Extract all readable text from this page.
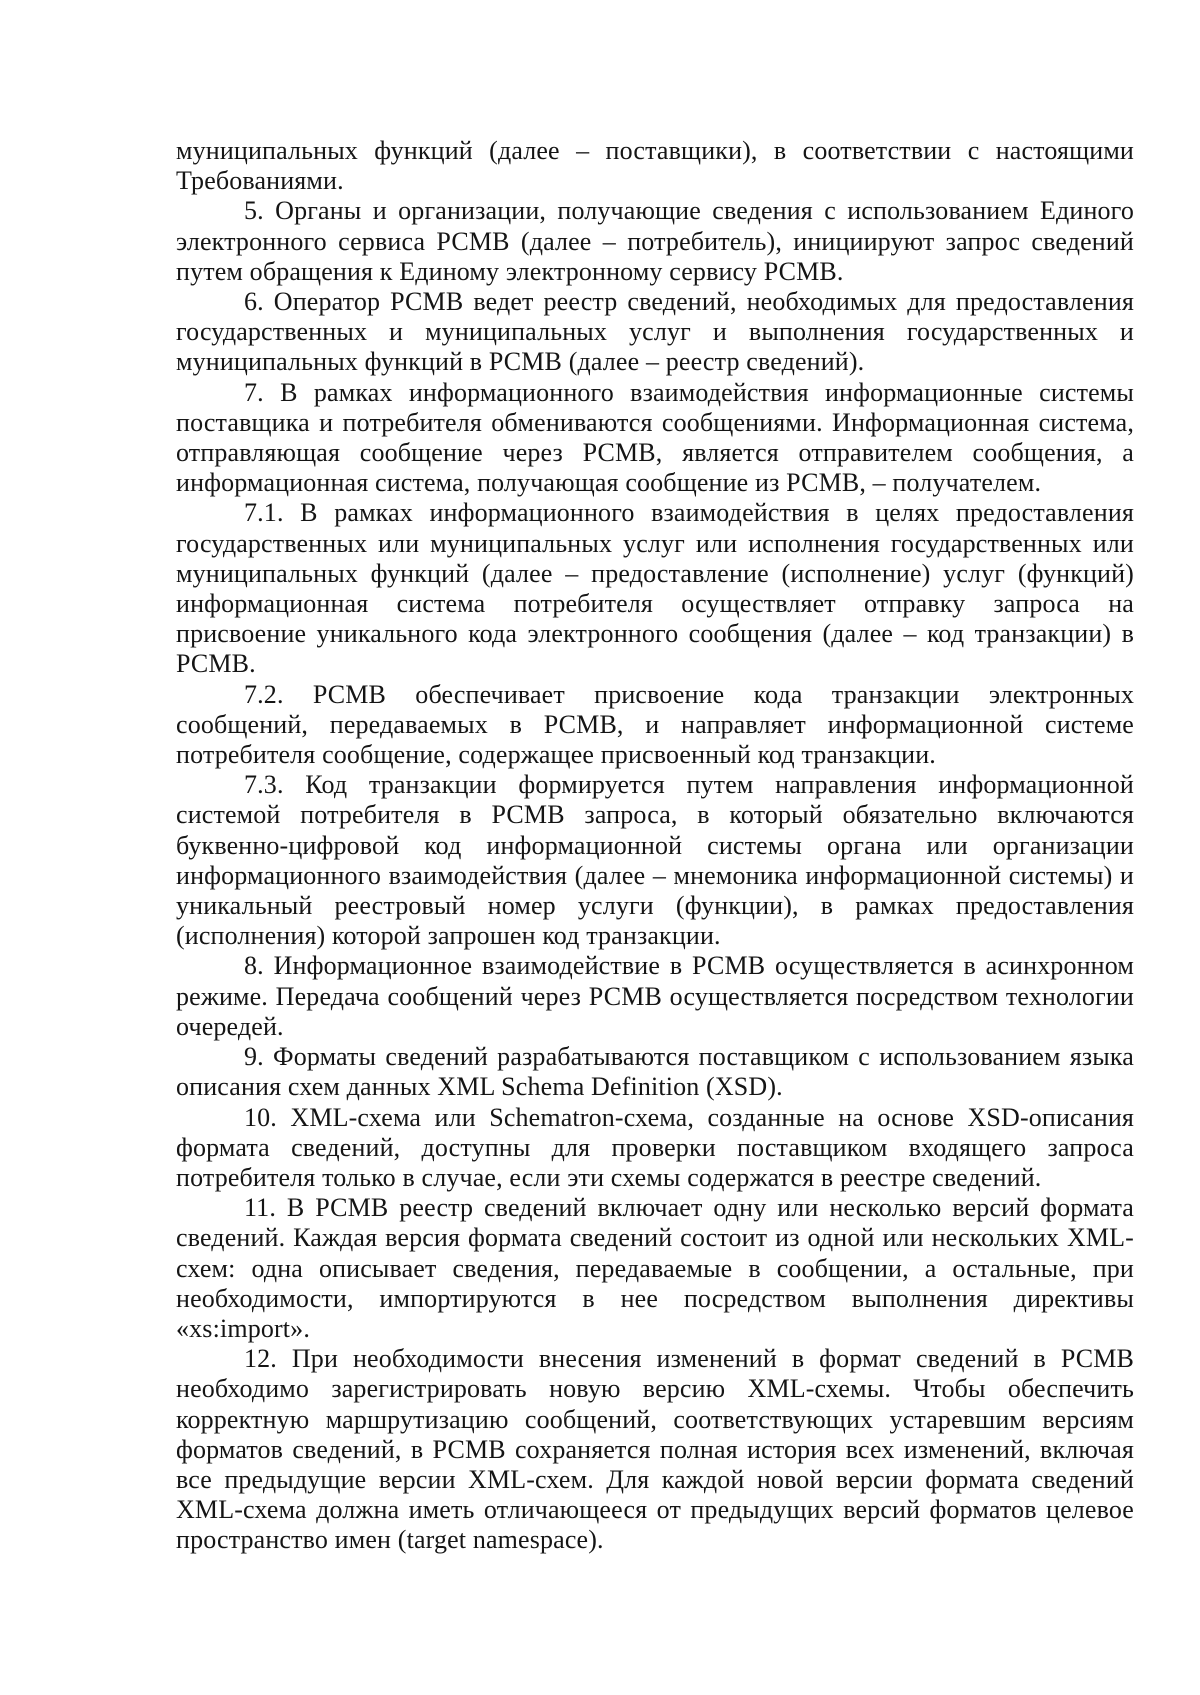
муниципальных функций (далее – поставщики), в соответствии с настоящими Требованиями.

5. Органы и организации, получающие сведения с использованием Единого электронного сервиса РСМВ (далее – потребитель), инициируют запрос сведений путем обращения к Единому электронному сервису РСМВ.

6. Оператор РСМВ ведет реестр сведений, необходимых для предоставления государственных и муниципальных услуг и выполнения государственных и муниципальных функций в РСМВ (далее – реестр сведений).

7. В рамках информационного взаимодействия информационные системы поставщика и потребителя обмениваются сообщениями. Информационная система, отправляющая сообщение через РСМВ, является отправителем сообщения, а информационная система, получающая сообщение из РСМВ, – получателем.

7.1. В рамках информационного взаимодействия в целях предоставления государственных или муниципальных услуг или исполнения государственных или муниципальных функций (далее – предоставление (исполнение) услуг (функций) информационная система потребителя осуществляет отправку запроса на присвоение уникального кода электронного сообщения (далее – код транзакции) в РСМВ.

7.2. РСМВ обеспечивает присвоение кода транзакции электронных сообщений, передаваемых в РСМВ, и направляет информационной системе потребителя сообщение, содержащее присвоенный код транзакции.

7.3. Код транзакции формируется путем направления информационной системой потребителя в РСМВ запроса, в который обязательно включаются буквенно-цифровой код информационной системы органа или организации информационного взаимодействия (далее – мнемоника информационной системы) и уникальный реестровый номер услуги (функции), в рамках предоставления (исполнения) которой запрошен код транзакции.

8. Информационное взаимодействие в РСМВ осуществляется в асинхронном режиме. Передача сообщений через РСМВ осуществляется посредством технологии очередей.

9. Форматы сведений разрабатываются поставщиком с использованием языка описания схем данных XML Schema Definition (XSD).

10. XML-схема или Schematron-схема, созданные на основе XSD-описания формата сведений, доступны для проверки поставщиком входящего запроса потребителя только в случае, если эти схемы содержатся в реестре сведений.

11. В РСМВ реестр сведений включает одну или несколько версий формата сведений. Каждая версия формата сведений состоит из одной или нескольких XML-схем: одна описывает сведения, передаваемые в сообщении, а остальные, при необходимости, импортируются в нее посредством выполнения директивы «xs:import».

12. При необходимости внесения изменений в формат сведений в РСМВ необходимо зарегистрировать новую версию XML-схемы. Чтобы обеспечить корректную маршрутизацию сообщений, соответствующих устаревшим версиям форматов сведений, в РСМВ сохраняется полная история всех изменений, включая все предыдущие версии XML-схем. Для каждой новой версии формата сведений XML-схема должна иметь отличающееся от предыдущих версий форматов целевое пространство имен (target namespace).
